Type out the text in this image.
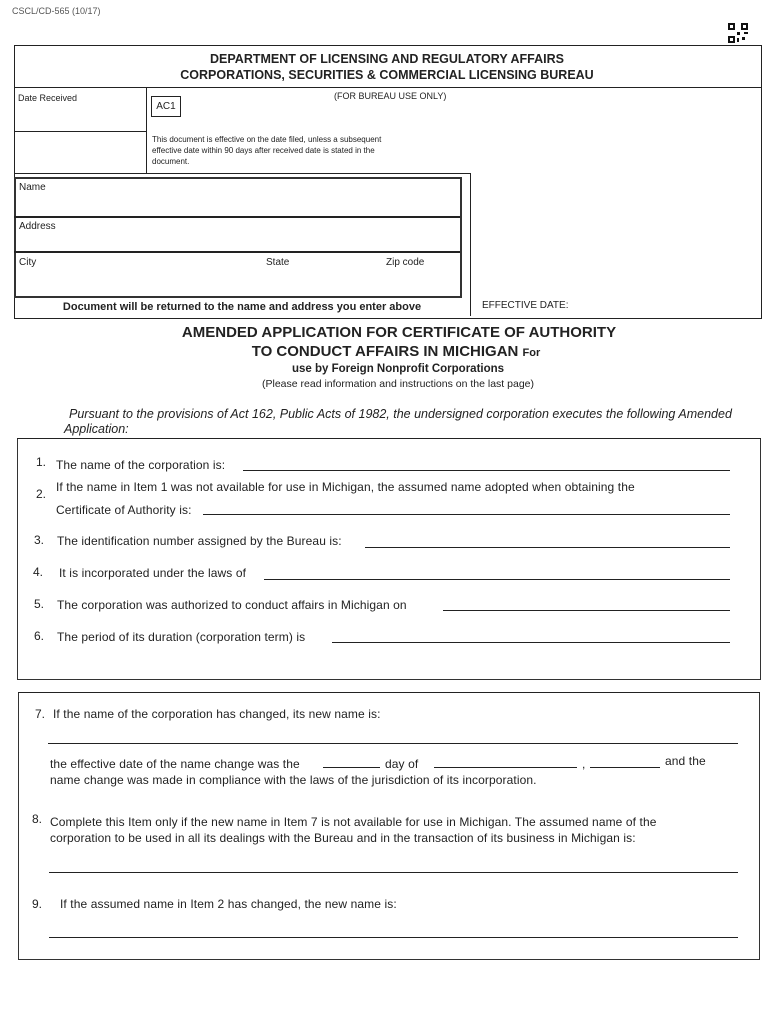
CSCL/CD-565 (10/17)
DEPARTMENT OF LICENSING AND REGULATORY AFFAIRS
CORPORATIONS, SECURITIES & COMMERCIAL LICENSING BUREAU
Date Received	(FOR BUREAU USE ONLY)
AC1
This document is effective on the date filed, unless a subsequent effective date within 90 days after received date is stated in the document.
Name
Address
City	State	Zip code
Document will be returned to the name and address you enter above	EFFECTIVE DATE:
AMENDED APPLICATION FOR CERTIFICATE OF AUTHORITY
TO CONDUCT AFFAIRS IN MICHIGAN For
use by Foreign Nonprofit Corporations
(Please read information and instructions on the last page)
Pursuant to the provisions of Act 162, Public Acts of 1982, the undersigned corporation executes the following Amended Application:
1. The name of the corporation is:
2. If the name in Item 1 was not available for use in Michigan, the assumed name adopted when obtaining the
Certificate of Authority is:
3. The identification number assigned by the Bureau is:
4. It is incorporated under the laws of
5. The corporation was authorized to conduct affairs in Michigan on
6. The period of its duration (corporation term) is
7. If the name of the corporation has changed, its new name is:
the effective date of the name change was the	day of	,	and the
name change was made in compliance with the laws of the jurisdiction of its incorporation.
8. Complete this Item only if the new name in Item 7 is not available for use in Michigan. The assumed name of the
corporation to be used in all its dealings with the Bureau and in the transaction of its business in Michigan is:
9. If the assumed name in Item 2 has changed, the new name is:
